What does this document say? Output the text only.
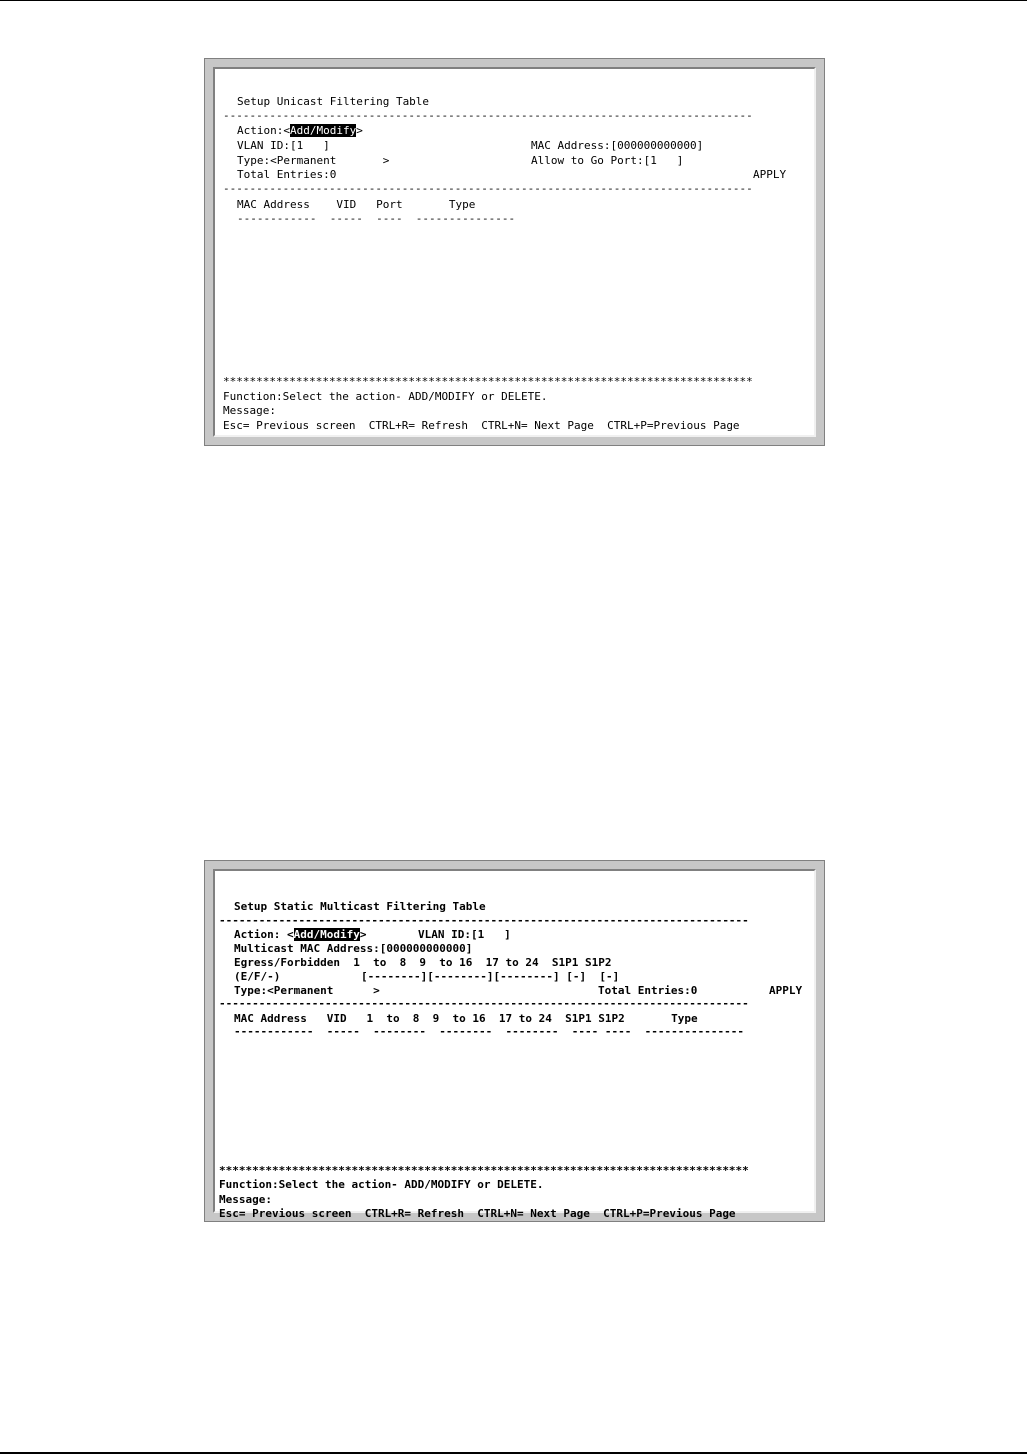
Setup Unicast Filtering Table
--------------------------------------------------------------------------------
Action:<Add/Modify>
VLAN ID:[1   ]	MAC Address:[000000000000]
Type:<Permanent       >	Allow to Go Port:[1   ]
Total Entries:0	APPLY
--------------------------------------------------------------------------------
MAC Address    VID   Port       Type
------------  -----  ----  ---------------
********************************************************************************
Function:Select the action- ADD/MODIFY or DELETE.
Message:
Esc= Previous screen  CTRL+R= Refresh  CTRL+N= Next Page  CTRL+P=Previous Page
Setup Static Multicast Filtering Table
--------------------------------------------------------------------------------
Action: <Add/Modify>	VLAN ID:[1   ]
Multicast MAC Address:[000000000000]
Egress/Forbidden  1  to  8  9  to 16  17 to 24  S1P1 S1P2
(E/F/-)	[--------][--------][--------] [-]  [-]
Type:<Permanent      >	Total Entries:0	APPLY
--------------------------------------------------------------------------------
MAC Address   VID   1  to  8  9  to 16  17 to 24  S1P1 S1P2       Type
------------  -----  --------  --------  --------  ---- ----  ---------------
********************************************************************************
Function:Select the action- ADD/MODIFY or DELETE.
Message:
Esc= Previous screen  CTRL+R= Refresh  CTRL+N= Next Page  CTRL+P=Previous Page
